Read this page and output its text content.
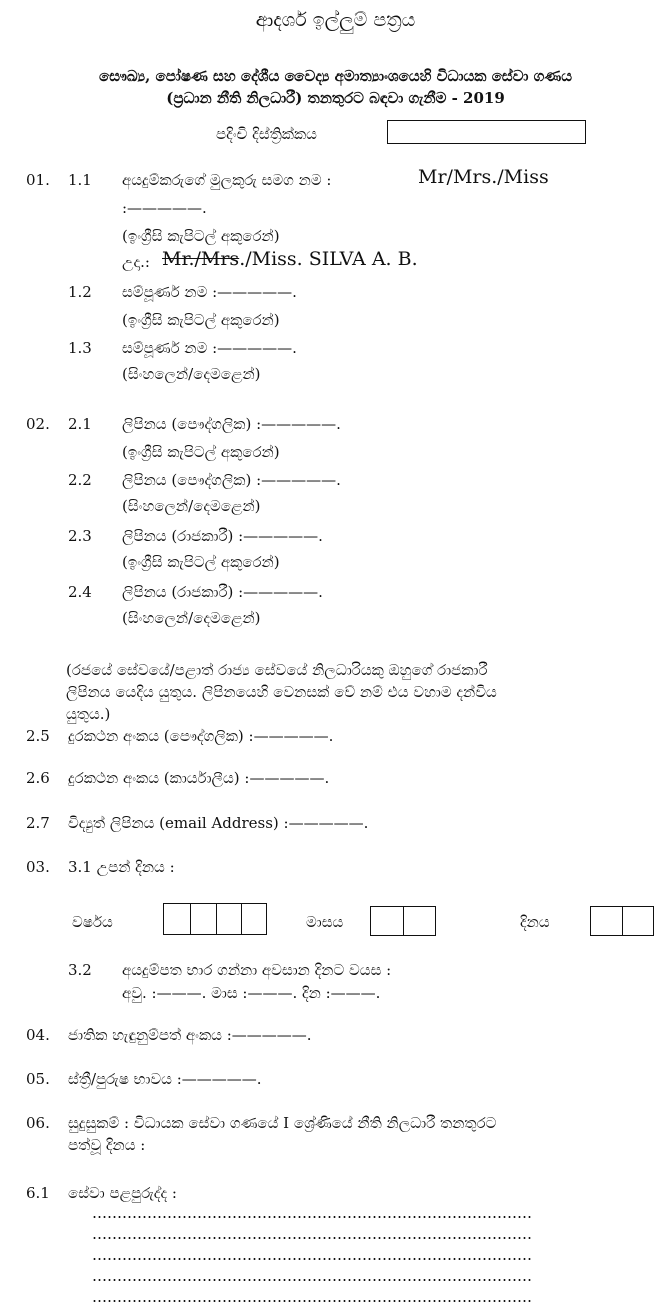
ආදර්ශ ඉල්ලුම් පත්‍රය
සෞඛ්‍ය, පෝෂණ සහ දේශීය වෛද්‍ය අමාත්‍යාංශයෙහි විධායක සේවා ගණය
(ප්‍රධාන නීති නිලධාරී) තනතුරට බඳවා ගැනීම - 2019
පදිංචි දිස්ත්‍රික්කය
01. 1.1 අයදුම්කරුගේ මුලකුරු සමග නම :	Mr/Mrs./Miss
:—————.
(ඉංග්‍රීසි කැපිටල් අකුරෙන්)
උදා.: Mr./Mrs./Miss. SILVA A. B.
1.2 සම්පූර්ණ නම :—————.
(ඉංග්‍රීසි කැපිටල් අකුරෙන්)
1.3 සම්පූර්ණ නම :—————.
(සිංහලෙන්/දෙමළෙන්)
02. 2.1 ලිපිනය (පෞද්ගලික) :—————.
(ඉංග්‍රීසි කැපිටල් අකුරෙන්)
2.2 ලිපිනය (පෞද්ගලික) :—————.
(සිංහලෙන්/දෙමළෙන්)
2.3 ලිපිනය (රාජකාරී) :—————.
(ඉංග්‍රීසි කැපිටල් අකුරෙන්)
2.4 ලිපිනය (රාජකාරී) :—————.
(සිංහලෙන්/දෙමළෙන්)
(රජයේ සේවයේ/පළාත් රාජ්‍ය සේවයේ නිලධාරියකු ඔහුගේ රාජකාරී
ලිපිනය යෙදිය යුතුය. ලිපිනයෙහි වෙනසක් වේ නම් එය වහාම දන්විය
යුතුය.)
2.5 දුරකථන අංකය (පෞද්ගලික) :—————.
2.6 දුරකථන අංකය (කාර්යාලීය) :—————.
2.7 විද්‍යුත් ලිපිනය (email Address) :—————.
03. 3.1 උපන් දිනය :
වර්ෂය	මාසය	දිනය
3.2 අයදුම්පත භාර ගන්නා අවසාන දිනට වයස :
අවු. :———. මාස :———. දින :———.
04. ජාතික හැඳුනුම්පත් අංකය :—————.
05. ස්ත්‍රී/පුරුෂ භාවය :—————.
06. සුදුසුකම් : විධායක සේවා ගණයේ I ශ්‍රේණියේ නීති නිලධාරී තනතුරට
පත්වූ දිනය :
6.1 සේවා පළපුරුද්ද :
